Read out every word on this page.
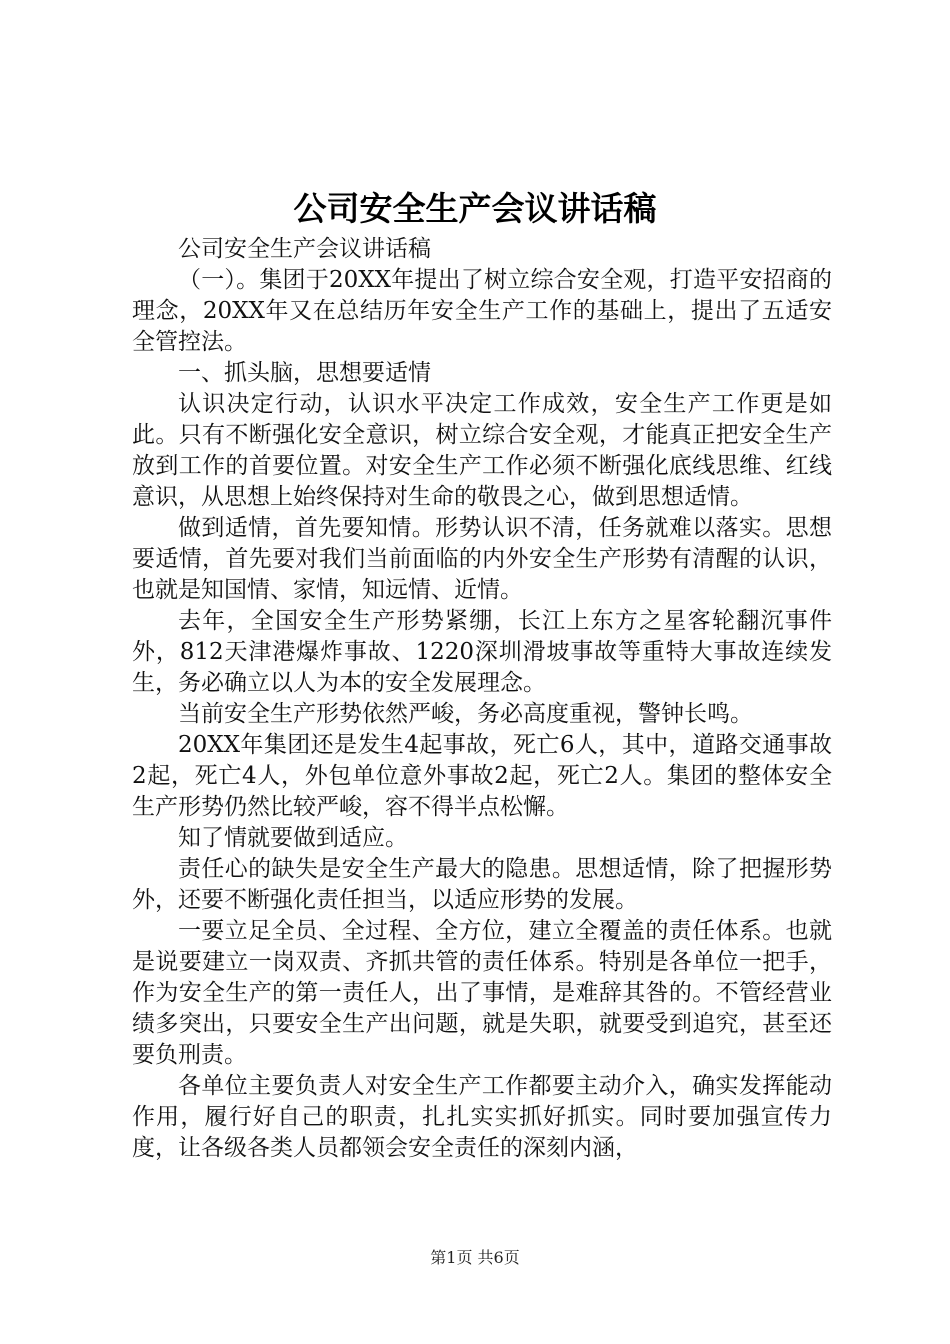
公司安全生产会议讲话稿

公司安全生产会议讲话稿

（一）。集团于20XX年提出了树立综合安全观，打造平安招商的理念，20XX年又在总结历年安全生产工作的基础上，提出了五适安全管控法。

一、抓头脑，思想要适情

认识决定行动，认识水平决定工作成效，安全生产工作更是如此。只有不断强化安全意识，树立综合安全观，才能真正把安全生产放到工作的首要位置。对安全生产工作必须不断强化底线思维、红线意识，从思想上始终保持对生命的敬畏之心，做到思想适情。

做到适情，首先要知情。形势认识不清，任务就难以落实。思想要适情，首先要对我们当前面临的内外安全生产形势有清醒的认识，也就是知国情、家情，知远情、近情。

去年，全国安全生产形势紧绷，长江上东方之星客轮翻沉事件外，812天津港爆炸事故、1220深圳滑坡事故等重特大事故连续发生，务必确立以人为本的安全发展理念。

当前安全生产形势依然严峻，务必高度重视，警钟长鸣。

20XX年集团还是发生4起事故，死亡6人，其中，道路交通事故2起，死亡4人，外包单位意外事故2起，死亡2人。集团的整体安全生产形势仍然比较严峻，容不得半点松懈。

知了情就要做到适应。

责任心的缺失是安全生产最大的隐患。思想适情，除了把握形势外，还要不断强化责任担当，以适应形势的发展。

一要立足全员、全过程、全方位，建立全覆盖的责任体系。也就是说要建立一岗双责、齐抓共管的责任体系。特别是各单位一把手，作为安全生产的第一责任人，出了事情，是难辞其咎的。不管经营业绩多突出，只要安全生产出问题，就是失职，就要受到追究，甚至还要负刑责。

各单位主要负责人对安全生产工作都要主动介入，确实发挥能动作用，履行好自己的职责，扎扎实实抓好抓实。同时要加强宣传力度，让各级各类人员都领会安全责任的深刻内涵，

第1页 共6页
